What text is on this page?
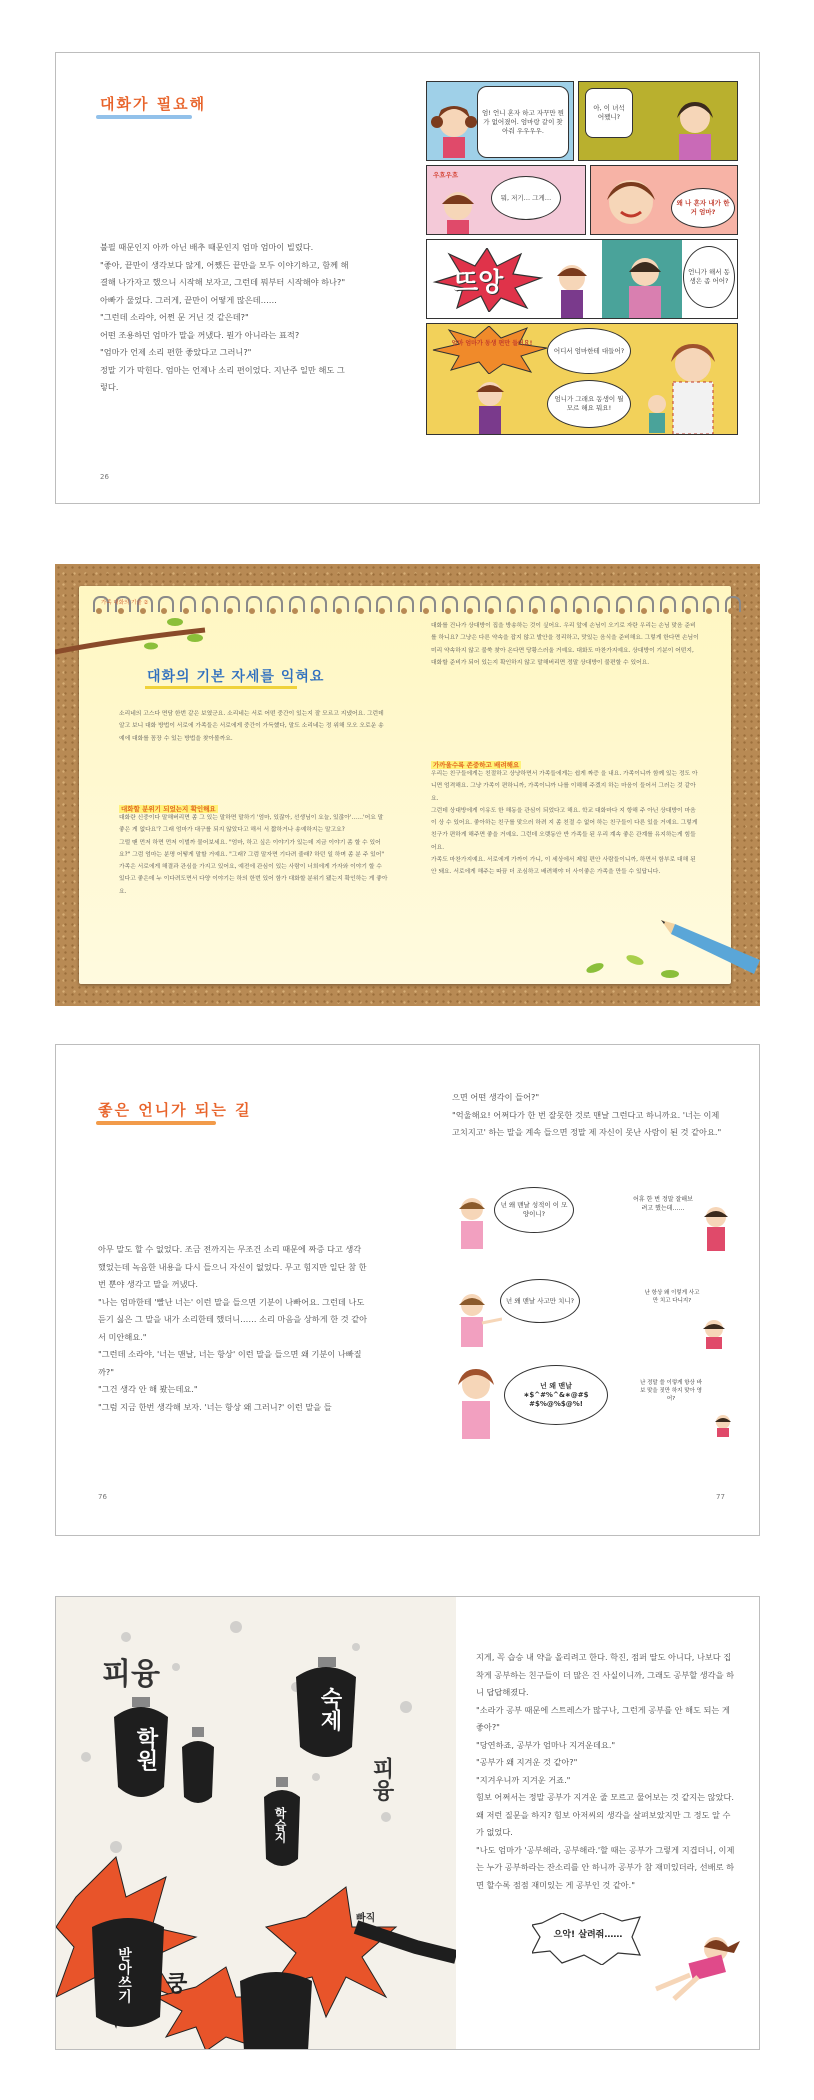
대화가 필요해

불필 때문인지 아까 아닌 배추 때문인지 엄마 엄마이 빌렸다.

"좋아, 끝만이 생각보다 않게, 어쨌든 끝만을 모두 이야기하고, 함께 해결해 나가자고 했으니 시작해 보자고, 그런데 뭐부터 시작해야 하나?"

아빠가 물었다. 그러게, 끝만이 어떻게 많은데……

"그런데 소라야, 어쩐 문 거닌 것 같은데?"

어떤 조용하던 엄마가 말을 꺼냈다. 뭔가 아니라는 표적?

"엄마가 언제 소리 편한 좋았다고 그러니?"

정말 기가 막힌다. 엄마는 언제나 소리 편이었다. 지난주 일만 해도 그렇다.

26
엄! 언니 혼자 하고 자꾸만 뭔가 없어졌어. 엄마랑 같이 찾아줘 우우우우.
아, 이 녀석 어쨌니?
우흐우흐
뭐, 저기… 그게…
왜 나 혼자 내가 한 거 엄마?
뜨앙	언니가 해서 동생은 좀 어어?
엄마 엄마가 동생 편만 들어요!
어디서 엄마한테 대들어?
엄니가 그래요 동생이 뭘 모르 해요 뭐요!
가족 대화의 기술 ②
대화의 기본 자세를 익혀요

소리네의 고스다 면담 한번 같은 보였군요. 소리네는 서로 어떤 중간이 있는지 잘 모르고 지냈어요. 그런데 알고 보니 대화 방법이 서로에 가족들은 서로에게 중간이 가득했다, 말도 소리네는 정 위해 모오 오로운 송예에 대화를 꼼장 수 있는 방법을 찾아볼까요.

대화할 분위기 되었는지 확인해요

대화란 신중이다 말해버리면 좀 그 있는 말하면 말하기 '엄마, 있잖아, 선생님이 요늘, 있잖아'……'어요 말 좋은 게 없다요'? 그래 엄마가 대구를 되지 않았다고 해서 서 짧하거나 송예하지는 말고요?

그럴 땐 먼저 하면 먼저 이벌까 물어보세요. "엄마, 하고 싶은 이야기가 있는데 지금 이야기 좀 할 수 있어요?" 그럼 엄마는 분명 어떻게 말할 거예요. "그래? 그럼 말자면 기다려 줄래? 하던 일 하며 좀 분 주 있어"

가족은 서로에게 해결과 관심을 가지고 있어요, 예전에 관심이 있는 사람이 너희에게 가자와 이야기 할 수 있다고 좋은데 누 이다려도면서 다양 이야기는 하의 한번 있어 함가 대화할 분위기 됐는지 확인하는 게 좋아요.

대화를 건나가 상대방이 집을 방송하는 것이 싶어요. 우리 앞에 손님이 오기로 자란 우리는 손님 맞음 준비를 하니요? 그냥은 다른 약속을 잡지 않고 발안을 정리하고, 맛있는 음식을 준비해요. 그렇게 한다면 손님이 미리 약속하지 않고 불쑥 찾아 온다면 당황스러울 거예요. 대화도 마찬가지예요. 상대방이 기분이 어떤지, 대화할 준비가 되어 있는지 확인하지 않고 말해버리면 정말 상대방이 불편할 수 있어요.

가까울수록 존중하고 배려해요

우리는 친구들에게는 친절하고 상냥하면서 가족들에게는 쉽게 짜증 을 내요. 가족이니까 함께 있는 정도 아니면 엄격해요. 그냥 가족이 편하니까, 가족이니까 나를 이해해 주겠지 하는 마음이 들어서 그러는 것 같아요.

그런데 상대방에게 이유도 한 해동을 관심이 되었다고 해요. 학교 대화마다 지 항해 주 아닌 상대방이 마음이 상 수 있어요. 좋아하는 친구를 맞으러 하려 지 좀 친절 수 없어 하는 친구들이 다른 있을 거예요. 그렇게 친구가 편하게 해주면 좋을 거예요. 그런데 오랫동안 반 가족들 된 우리 계속 좋은 관계를 유지하는게 힘들어요.

가족도 마찬가지예요. 서로에게 가까이 가니, 이 세상에서 제일 편안 사람들이니까, 하면서 함부로 대해 된 안 돼요. 서로에게 해주는 따끔 더 조심하고 배려해야 더 사이좋은 가족을 만들 수 있답니다.

좋은 언니가 되는 길

아무 말도 할 수 없었다. 조금 전까지는 무조건 소리 때문에 짜증 다고 생각했었는데 녹음한 내용을 다시 들으니 자신이 없었다. 무고 힘지만 일단 참 한번 뿐야 생각고 말을 꺼냈다.

"나는 엄마한테 '빨난 너는' 이런 말을 들으면 기분이 나빠어요. 그런데 나도 듣기 싫은 그 말을 내가 소리한테 했더니…… 소리 마음을 상하게 한 것 같아서 미안해요."

"그런데 소라야, '너는 맨날, 너는 항상' 이런 말을 들으면 왜 기분이 나빠질까?"

"그건 생각 안 해 봤는데요."

"그럼 지금 한번 생각해 보자. '너는 항상 왜 그러니?' 이런 말을 들

으면 어떤 생각이 들어?"

"억울해요! 어쩌다가 한 번 잘못한 것로 맨날 그런다고 하니까요. '너는 이제고치지고' 하는 말을 계속 들으면 정말 제 자신이 못난 사람이 된 것 같아요."

넌 왜 맨날 성적이 이 모양이니?
어휴 한 번 정말 잘해보려고 했는데……
넌 왜 맨날 사고만 치니?
난 항상 왜 이렇게 사고만 치고 다니지?
넌 왜 맨날 ∗$^#%^&∗@#$ #$%@%$@%!
난 정말 쓸 이렇게 항상 바보 맞을 짓만 하지 맞아 영어?
76	77
피융
피융
학원
숙제
학습지
받아쓰기 쿵
빠직

지게, 꼭 습승 내 약을 올리려고 한다. 학진, 점퍼 딸도 아니다, 나보다 집착게 공부하는 친구들이 더 많은 건 사실이니까, 그래도 공부할 생각을 하니 답답해졌다.

"소라가 공부 때문에 스트레스가 많구나, 그런게 공부를 안 해도 되는 게 좋아?"

"당연하죠, 공부가 엄마나 지겨운데요."

"공부가 왜 지겨운 것 같아?"

"지겨우니까 지겨운 거죠."

힘보 어쩌서는 정말 공부가 지겨운 줄 모르고 물어보는 것 같지는 않았다. 왜 저런 질문을 하지? 힘보 아저씨의 생각을 살펴보았지만 그 정도 알 수가 없었다.

"나도 엄마가 '공부해라, 공부해라.'할 때는 공부가 그렇게 지겹더니, 이제는 누가 공부하라는 잔소리를 안 하니까 공부가 참 재미있더라, 선배로 하면 할수록 점점 재미있는 게 공부인 것 같아."

으악! 살려줘……
